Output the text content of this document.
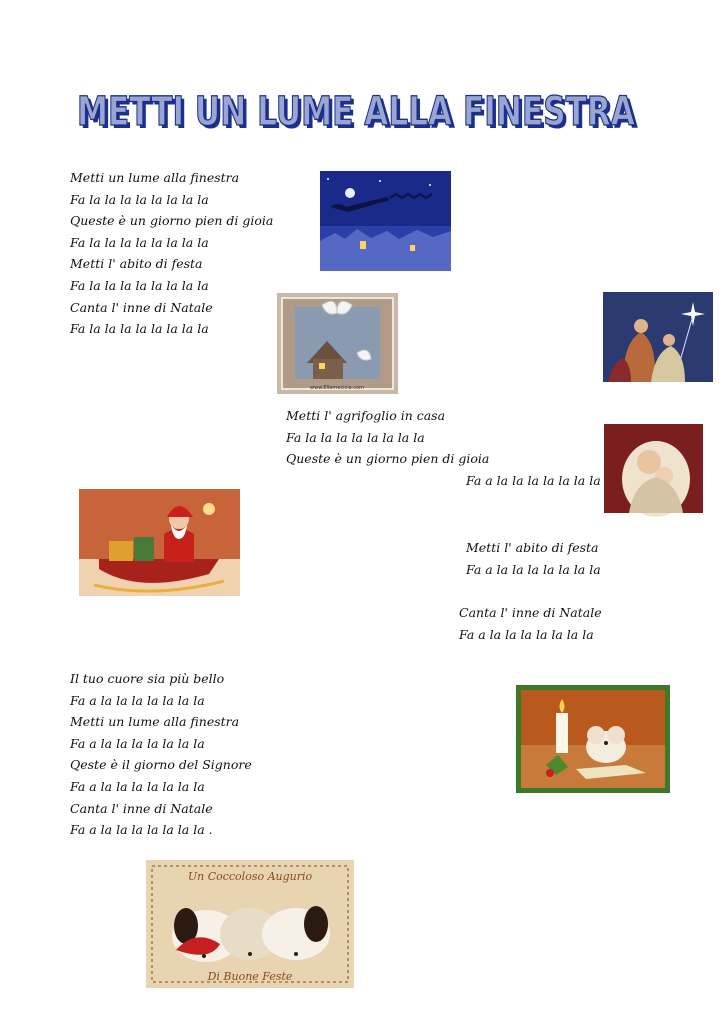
METTI UN LUME ALLA FINESTRA
METTI UN LUME ALLA FINESTRA
Metti un lume alla finestra
Fa la la la la la la la la
Queste è un giorno pien di gioia
Fa la la la la la la la la
Metti l' abito di festa
Fa la la la la la la la la
Canta l' inne di Natale
Fa la la la la la la la la
Metti l' agrifoglio in casa
Fa la la la la la la la la
Queste è un giorno pien di gioia
Fa a la la la la la la la
Metti l' abito di festa
Fa a la la la la la la la
Canta l' inne di Natale
Fa a la la la la la la la
Il tuo cuore sia più bello
Fa a la la la la la la la
Metti un lume alla finestra
Fa a la la la la la la la
Qeste è il giorno del Signore
Fa a la la la la la la la
Canta l' inne di Natale
Fa a la la la la la la la .
www.Ellemecicia.com
Un Coccoloso Augurio
Di Buone Feste
